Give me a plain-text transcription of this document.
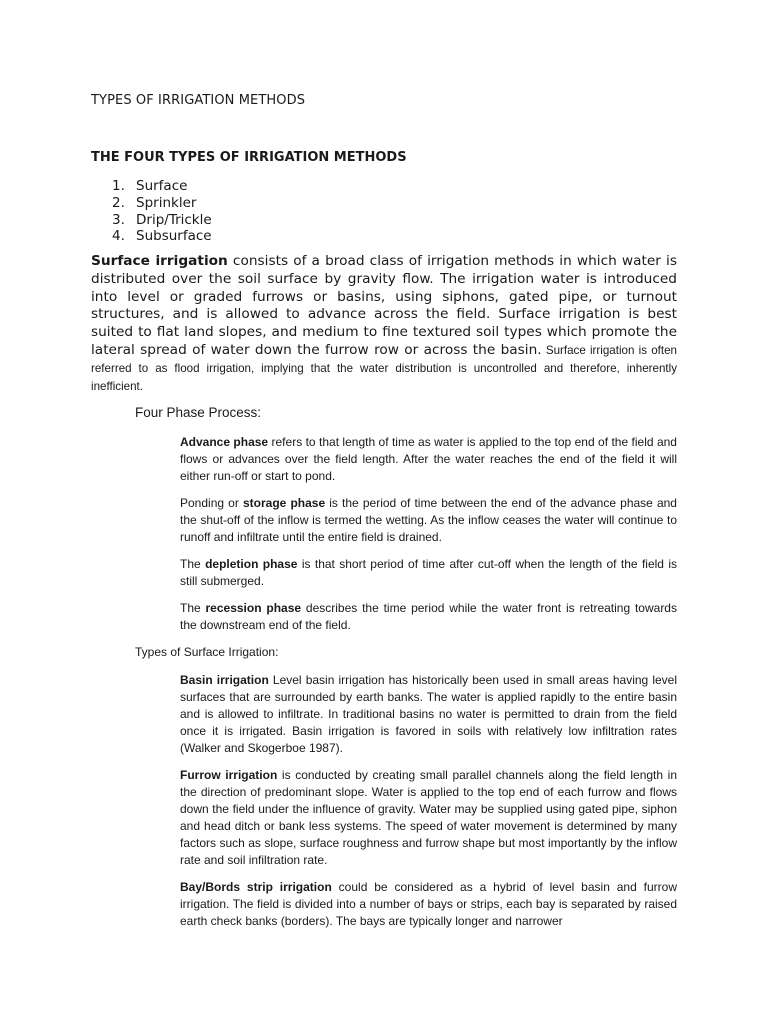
TYPES OF IRRIGATION METHODS
THE FOUR TYPES OF IRRIGATION METHODS
1. Surface
2. Sprinkler
3. Drip/Trickle
4. Subsurface

Surface irrigation consists of a broad class of irrigation methods in which water is distributed over the soil surface by gravity flow. The irrigation water is introduced into level or graded furrows or basins, using siphons, gated pipe, or turnout structures, and is allowed to advance across the field. Surface irrigation is best suited to flat land slopes, and medium to fine textured soil types which promote the lateral spread of water down the furrow row or across the basin. Surface irrigation is often referred to as flood irrigation, implying that the water distribution is uncontrolled and therefore, inherently inefficient.

Four Phase Process:

Advance phase refers to that length of time as water is applied to the top end of the field and flows or advances over the field length. After the water reaches the end of the field it will either run-off or start to pond.

Ponding or storage phase is the period of time between the end of the advance phase and the shut-off of the inflow is termed the wetting. As the inflow ceases the water will continue to runoff and infiltrate until the entire field is drained.

The depletion phase is that short period of time after cut-off when the length of the field is still submerged.

The recession phase describes the time period while the water front is retreating towards the downstream end of the field.

Types of Surface Irrigation:

Basin irrigation Level basin irrigation has historically been used in small areas having level surfaces that are surrounded by earth banks. The water is applied rapidly to the entire basin and is allowed to infiltrate. In traditional basins no water is permitted to drain from the field once it is irrigated. Basin irrigation is favored in soils with relatively low infiltration rates (Walker and Skogerboe 1987).

Furrow irrigation is conducted by creating small parallel channels along the field length in the direction of predominant slope. Water is applied to the top end of each furrow and flows down the field under the influence of gravity. Water may be supplied using gated pipe, siphon and head ditch or bank less systems. The speed of water movement is determined by many factors such as slope, surface roughness and furrow shape but most importantly by the inflow rate and soil infiltration rate.

Bay/Bords strip irrigation could be considered as a hybrid of level basin and furrow irrigation. The field is divided into a number of bays or strips, each bay is separated by raised earth check banks (borders). The bays are typically longer and narrower
